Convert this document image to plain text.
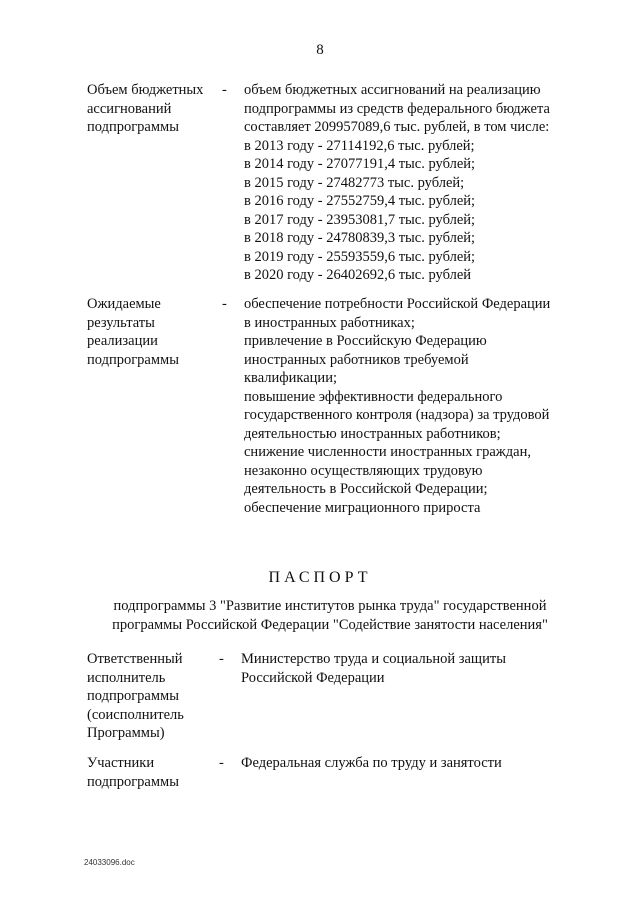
8
Объем бюджетных
ассигнований
подпрограммы
-	объем бюджетных ассигнований на реализацию
подпрограммы из средств федерального бюджета
составляет 209957089,6 тыс. рублей, в том числе:
в 2013 году - 27114192,6 тыс. рублей;
в 2014 году - 27077191,4 тыс. рублей;
в 2015 году - 27482773 тыс. рублей;
в 2016 году - 27552759,4 тыс. рублей;
в 2017 году - 23953081,7 тыс. рублей;
в 2018 году - 24780839,3 тыс. рублей;
в 2019 году - 25593559,6 тыс. рублей;
в 2020 году - 26402692,6 тыс. рублей
Ожидаемые
результаты
реализации
подпрограммы
-	обеспечение потребности Российской Федерации
в иностранных работниках;
привлечение в Российскую Федерацию
иностранных работников требуемой
квалификации;
повышение эффективности федерального
государственного контроля (надзора) за трудовой
деятельностью иностранных работников;
снижение численности иностранных граждан,
незаконно осуществляющих трудовую
деятельность в Российской Федерации;
обеспечение миграционного прироста
ПАСПОРТ
подпрограммы 3 "Развитие институтов рынка труда" государственной
программы Российской Федерации "Содействие занятости населения"
Ответственный
исполнитель
подпрограммы
(соисполнитель
Программы)
-	Министерство труда и социальной защиты
Российской Федерации
Участники
подпрограммы
-	Федеральная служба по труду и занятости
24033096.doc
